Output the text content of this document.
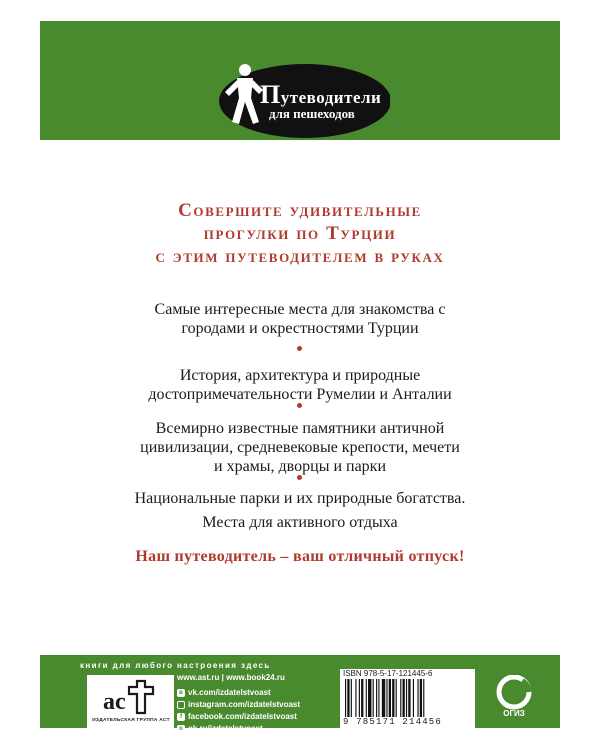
Путеводители
для пешеходов
Совершите удивительные
прогулки по Турции
с этим путеводителем в руках
Самые интересные места для знакомства с
городами и окрестностями Турции
История, архитектура и природные
достопримечательности Румелии и Анталии
Всемирно известные памятники античной
цивилизации, средневековые крепости, мечети
и храмы, дворцы и парки
Национальные парки и их природные богатства.
Места для активного отдыха
Наш путеводитель – ваш отличный отпуск!
книги для любого настроения здесь
ac
ИЗДАТЕЛЬСКАЯ ГРУППА АСТ
www.ast.ru | www.book24.ru
в vk.com/izdatelstvoast
instagram.com/izdatelstvoast
f facebook.com/izdatelstvoast
о ok.ru/izdatelstvoast
ISBN 978-5-17-121445-6
9 785171 214456
ОГИЗ
